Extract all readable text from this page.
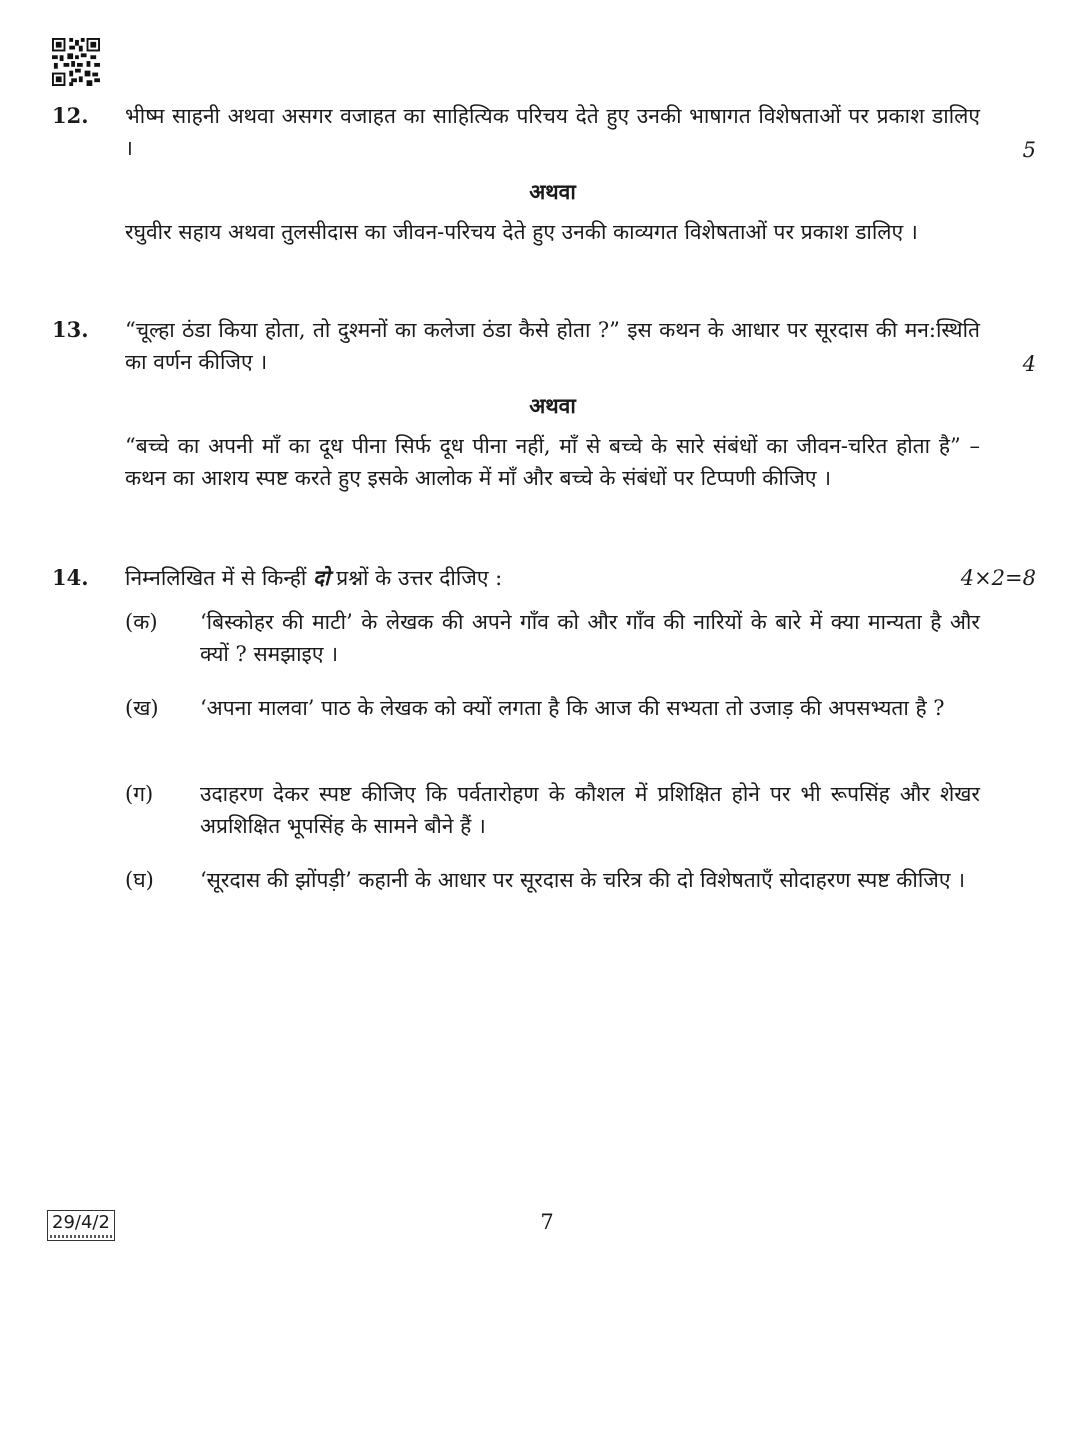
12.	भीष्म साहनी अथवा असगर वजाहत का साहित्यिक परिचय देते हुए उनकी भाषागत विशेषताओं पर प्रकाश डालिए ।	5
अथवा
रघुवीर सहाय अथवा तुलसीदास का जीवन-परिचय देते हुए उनकी काव्यगत विशेषताओं पर प्रकाश डालिए ।
13.	“चूल्हा ठंडा किया होता, तो दुश्मनों का कलेजा ठंडा कैसे होता ?” इस कथन के आधार पर सूरदास की मन:स्थिति का वर्णन कीजिए ।	4
अथवा
“बच्चे का अपनी माँ का दूध पीना सिर्फ दूध पीना नहीं, माँ से बच्चे के सारे संबंधों का जीवन-चरित होता है” – कथन का आशय स्पष्ट करते हुए इसके आलोक में माँ और बच्चे के संबंधों पर टिप्पणी कीजिए ।
14.	निम्नलिखित में से किन्हीं दो प्रश्नों के उत्तर दीजिए :	4×2=8
(क)	‘बिस्कोहर की माटी’ के लेखक की अपने गाँव को और गाँव की नारियों के बारे में क्या मान्यता है और क्यों ? समझाइए ।
(ख)	‘अपना मालवा’ पाठ के लेखक को क्यों लगता है कि आज की सभ्यता तो उजाड़ की अपसभ्यता है ?
(ग)	उदाहरण देकर स्पष्ट कीजिए कि पर्वतारोहण के कौशल में प्रशिक्षित होने पर भी रूपसिंह और शेखर अप्रशिक्षित भूपसिंह के सामने बौने हैं ।
(घ)	‘सूरदास की झोंपड़ी’ कहानी के आधार पर सूरदास के चरित्र की दो विशेषताएँ सोदाहरण स्पष्ट कीजिए ।
29/4/2	7
